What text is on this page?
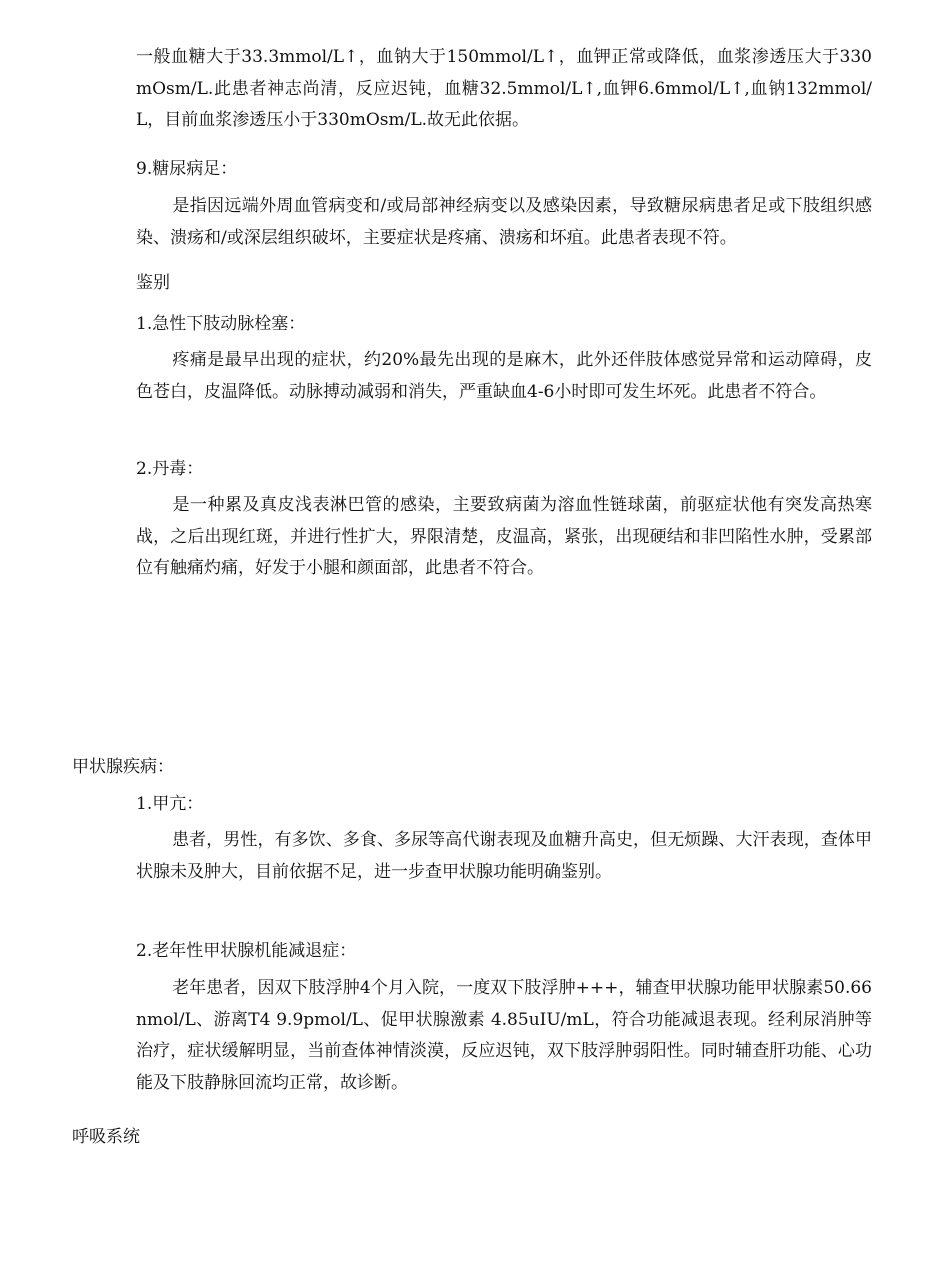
一般血糖大于33.3mmol/L↑，血钠大于150mmol/L↑，血钾正常或降低，血浆渗透压大于330mOsm/L.此患者神志尚清，反应迟钝，血糖32.5mmol/L↑,血钾6.6mmol/L↑,血钠132mmol/L，目前血浆渗透压小于330mOsm/L.故无此依据。
9.糖尿病足：
是指因远端外周血管病变和/或局部神经病变以及感染因素，导致糖尿病患者足或下肢组织感染、溃疡和/或深层组织破坏，主要症状是疼痛、溃疡和坏疽。此患者表现不符。
鉴别
1.急性下肢动脉栓塞：
疼痛是最早出现的症状，约20%最先出现的是麻木，此外还伴肢体感觉异常和运动障碍，皮色苍白，皮温降低。动脉搏动减弱和消失，严重缺血4-6小时即可发生坏死。此患者不符合。
2.丹毒：
是一种累及真皮浅表淋巴管的感染，主要致病菌为溶血性链球菌，前驱症状他有突发高热寒战，之后出现红斑，并进行性扩大，界限清楚，皮温高，紧张，出现硬结和非凹陷性水肿，受累部位有触痛灼痛，好发于小腿和颜面部，此患者不符合。
甲状腺疾病：
1.甲亢：
患者，男性，有多饮、多食、多尿等高代谢表现及血糖升高史，但无烦躁、大汗表现，查体甲状腺未及肿大，目前依据不足，进一步查甲状腺功能明确鉴别。
2.老年性甲状腺机能减退症：
老年患者，因双下肢浮肿4个月入院，一度双下肢浮肿+++，辅查甲状腺功能甲状腺素50.66 nmol/L、游离T4 9.9pmol/L、促甲状腺激素 4.85uIU/mL，符合功能减退表现。经利尿消肿等治疗，症状缓解明显，当前查体神情淡漠，反应迟钝，双下肢浮肿弱阳性。同时辅查肝功能、心功能及下肢静脉回流均正常，故诊断。
呼吸系统
